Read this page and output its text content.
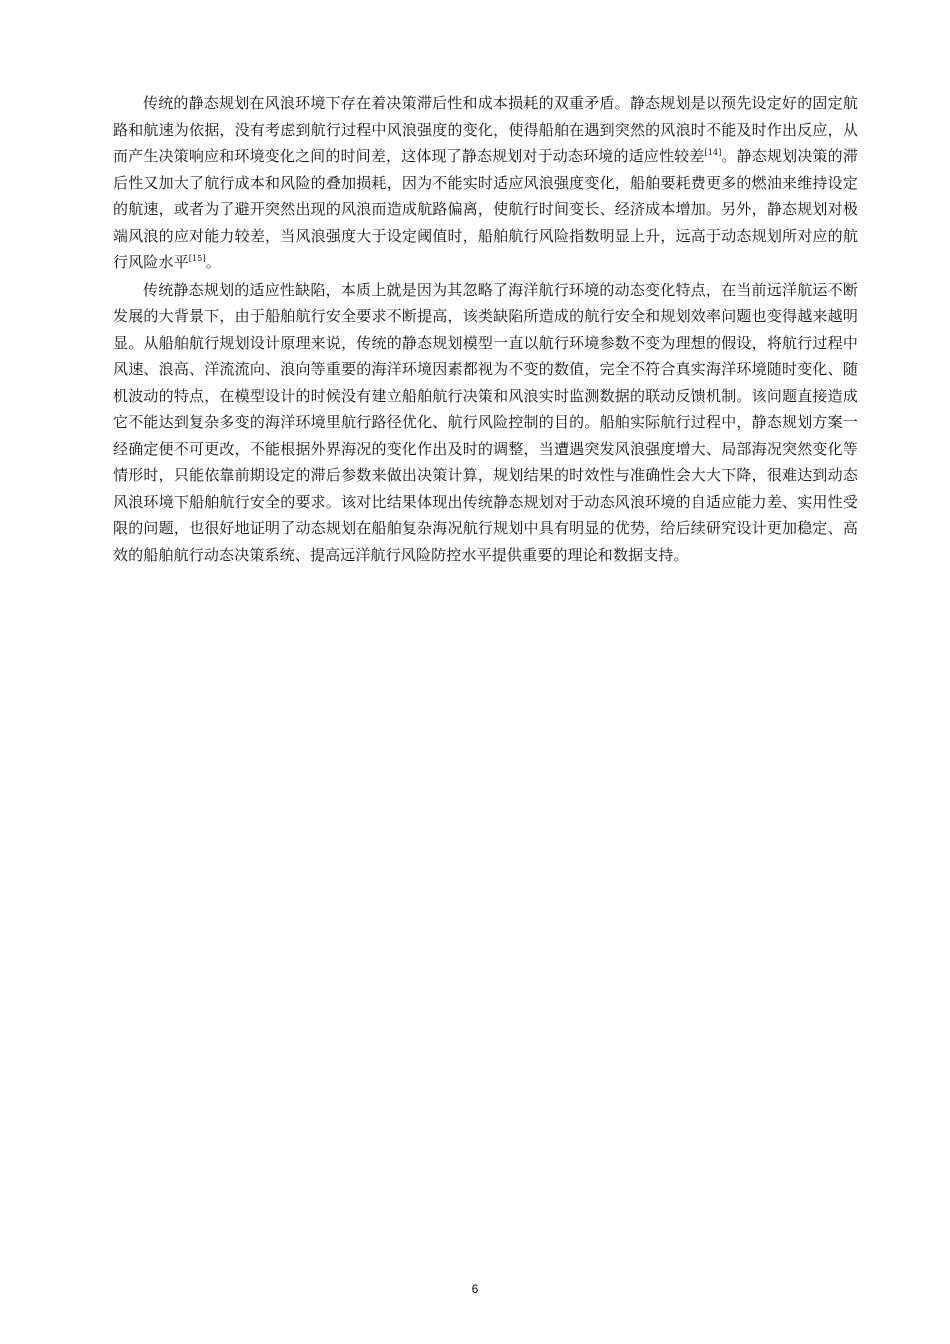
传统的静态规划在风浪环境下存在着决策滞后性和成本损耗的双重矛盾。静态规划是以预先设定好的固定航路和航速为依据，没有考虑到航行过程中风浪强度的变化，使得船舶在遇到突然的风浪时不能及时作出反应，从而产生决策响应和环境变化之间的时间差，这体现了静态规划对于动态环境的适应性较差[14]。静态规划决策的滞后性又加大了航行成本和风险的叠加损耗，因为不能实时适应风浪强度变化，船舶要耗费更多的燃油来维持设定的航速，或者为了避开突然出现的风浪而造成航路偏离，使航行时间变长、经济成本增加。另外，静态规划对极端风浪的应对能力较差，当风浪强度大于设定阈值时，船舶航行风险指数明显上升，远高于动态规划所对应的航行风险水平[15]。

传统静态规划的适应性缺陷，本质上就是因为其忽略了海洋航行环境的动态变化特点，在当前远洋航运不断发展的大背景下，由于船舶航行安全要求不断提高，该类缺陷所造成的航行安全和规划效率问题也变得越来越明显。从船舶航行规划设计原理来说，传统的静态规划模型一直以航行环境参数不变为理想的假设，将航行过程中风速、浪高、洋流流向、浪向等重要的海洋环境因素都视为不变的数值，完全不符合真实海洋环境随时变化、随机波动的特点，在模型设计的时候没有建立船舶航行决策和风浪实时监测数据的联动反馈机制。该问题直接造成它不能达到复杂多变的海洋环境里航行路径优化、航行风险控制的目的。船舶实际航行过程中，静态规划方案一经确定便不可更改，不能根据外界海况的变化作出及时的调整，当遭遇突发风浪强度增大、局部海况突然变化等情形时，只能依靠前期设定的滞后参数来做出决策计算，规划结果的时效性与准确性会大大下降，很难达到动态风浪环境下船舶航行安全的要求。该对比结果体现出传统静态规划对于动态风浪环境的自适应能力差、实用性受限的问题，也很好地证明了动态规划在船舶复杂海况航行规划中具有明显的优势，给后续研究设计更加稳定、高效的船舶航行动态决策系统、提高远洋航行风险防控水平提供重要的理论和数据支持。

6
